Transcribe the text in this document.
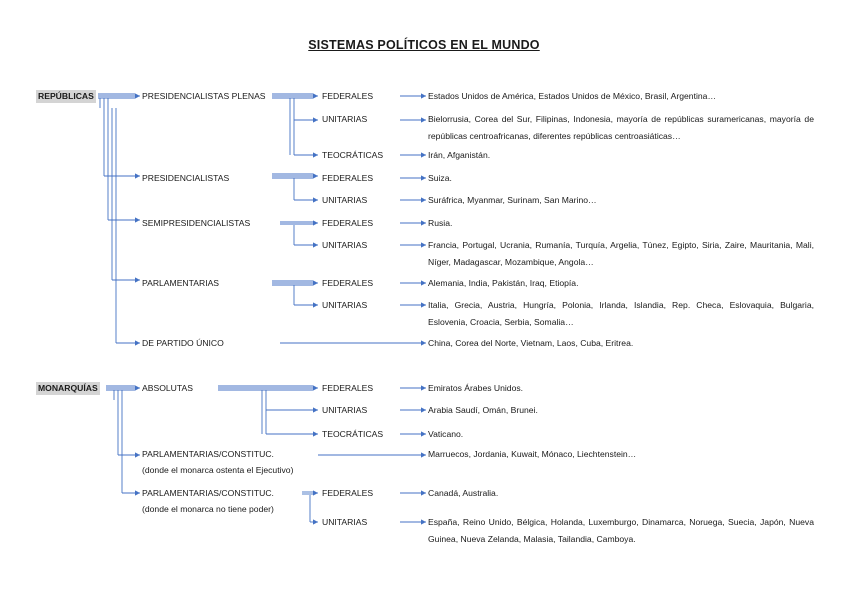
SISTEMAS POLÍTICOS EN EL MUNDO
REPÚBLICAS
MONARQUÍAS
PRESIDENCIALISTAS PLENAS
PRESIDENCIALISTAS
SEMIPRESIDENCIALISTAS
PARLAMENTARIAS
DE PARTIDO ÚNICO
ABSOLUTAS
PARLAMENTARIAS/CONSTITUC.
(donde el monarca ostenta el Ejecutivo)
PARLAMENTARIAS/CONSTITUC.
(donde el monarca no tiene poder)
FEDERALES
UNITARIAS
TEOCRÁTICAS
FEDERALES
UNITARIAS
FEDERALES
UNITARIAS
FEDERALES
UNITARIAS
FEDERALES
UNITARIAS
TEOCRÁTICAS
FEDERALES
UNITARIAS
Estados Unidos de América, Estados Unidos de México, Brasil, Argentina…
Bielorrusia, Corea del Sur, Filipinas, Indonesia, mayoría de repúblicas suramericanas, mayoría de repúblicas centroafricanas, diferentes repúblicas centroasiáticas…
Irán, Afganistán.
Suiza.
Suráfrica, Myanmar, Surinam, San Marino…
Rusia.
Francia, Portugal, Ucrania, Rumanía, Turquía, Argelia, Túnez, Egipto, Siria, Zaire, Mauritania, Mali, Níger, Madagascar, Mozambique, Angola…
Alemania, India, Pakistán, Iraq, Etiopía.
Italia, Grecia, Austria, Hungría, Polonia, Irlanda, Islandia, Rep. Checa, Eslovaquia, Bulgaria, Eslovenia, Croacia, Serbia, Somalia…
China, Corea del Norte, Vietnam, Laos, Cuba, Eritrea.
Emiratos Árabes Unidos.
Arabia Saudí, Omán, Brunei.
Vaticano.
Marruecos, Jordania, Kuwait, Mónaco, Liechtenstein…
Canadá, Australia.
España, Reino Unido, Bélgica, Holanda, Luxemburgo, Dinamarca, Noruega, Suecia, Japón, Nueva Guinea, Nueva Zelanda, Malasia, Tailandia, Camboya.
